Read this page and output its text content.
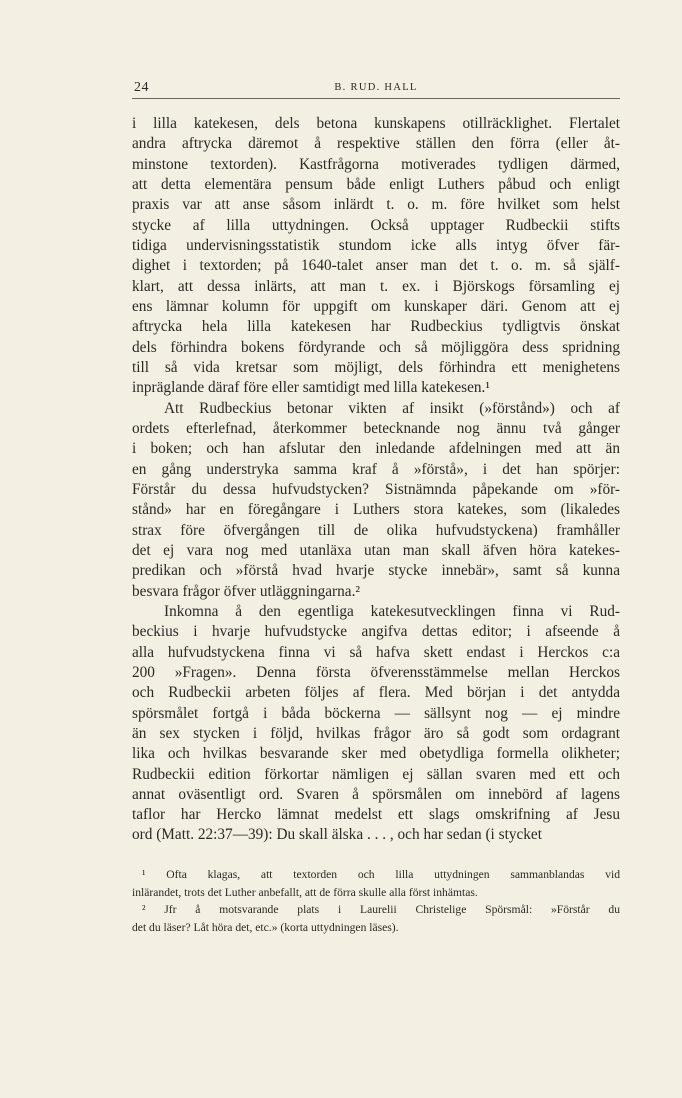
24	B. RUD. HALL
i lilla katekesen, dels betona kunskapens otillräcklighet. Flertalet
andra aftrycka däremot å respektive ställen den förra (eller åt-
minstone textorden). Kastfrågorna motiverades tydligen därmed,
att detta elementära pensum både enligt Luthers påbud och enligt
praxis var att anse såsom inlärdt t. o. m. före hvilket som helst
stycke af lilla uttydningen. Också upptager Rudbeckii stifts
tidiga undervisningsstatistik stundom icke alls intyg öfver fär-
dighet i textorden; på 1640-talet anser man det t. o. m. så själf-
klart, att dessa inlärts, att man t. ex. i Björskogs församling ej
ens lämnar kolumn för uppgift om kunskaper däri. Genom att ej
aftrycka hela lilla katekesen har Rudbeckius tydligtvis önskat
dels förhindra bokens fördyrande och så möjliggöra dess spridning
till så vida kretsar som möjligt, dels förhindra ett menighetens
inpräglande däraf före eller samtidigt med lilla katekesen.¹
Att Rudbeckius betonar vikten af insikt (»förstånd») och af
ordets efterlefnad, återkommer betecknande nog ännu två gånger
i boken; och han afslutar den inledande afdelningen med att än
en gång understryka samma kraf å »förstå», i det han spörjer:
Förstår du dessa hufvudstycken? Sistnämnda påpekande om »för-
stånd» har en föregångare i Luthers stora katekes, som (likaledes
strax före öfvergången till de olika hufvudstyckena) framhåller
det ej vara nog med utanläxa utan man skall äfven höra katekes-
predikan och »förstå hvad hvarje stycke innebär», samt så kunna
besvara frågor öfver utläggningarna.²
Inkomna å den egentliga katekesutvecklingen finna vi Rud-
beckius i hvarje hufvudstycke angifva dettas editor; i afseende å
alla hufvudstyckena finna vi så hafva skett endast i Herckos c:a
200 »Fragen». Denna första öfverensstämmelse mellan Herckos
och Rudbeckii arbeten följes af flera. Med början i det antydda
spörsmålet fortgå i båda böckerna — sällsynt nog — ej mindre
än sex stycken i följd, hvilkas frågor äro så godt som ordagrant
lika och hvilkas besvarande sker med obetydliga formella olikheter;
Rudbeckii edition förkortar nämligen ej sällan svaren med ett och
annat oväsentligt ord. Svaren å spörsmålen om innebörd af lagens
taflor har Hercko lämnat medelst ett slags omskrifning af Jesu
ord (Matt. 22:37—39): Du skall älska . . . , och har sedan (i stycket
¹ Ofta klagas, att textorden och lilla uttydningen sammanblandas vid
inlärandet, trots det Luther anbefallt, att de förra skulle alla först inhämtas.
² Jfr å motsvarande plats i Laurelii Christelige Spörsmål: »Förstår du
det du läser? Låt höra det, etc.» (korta uttydningen läses).
